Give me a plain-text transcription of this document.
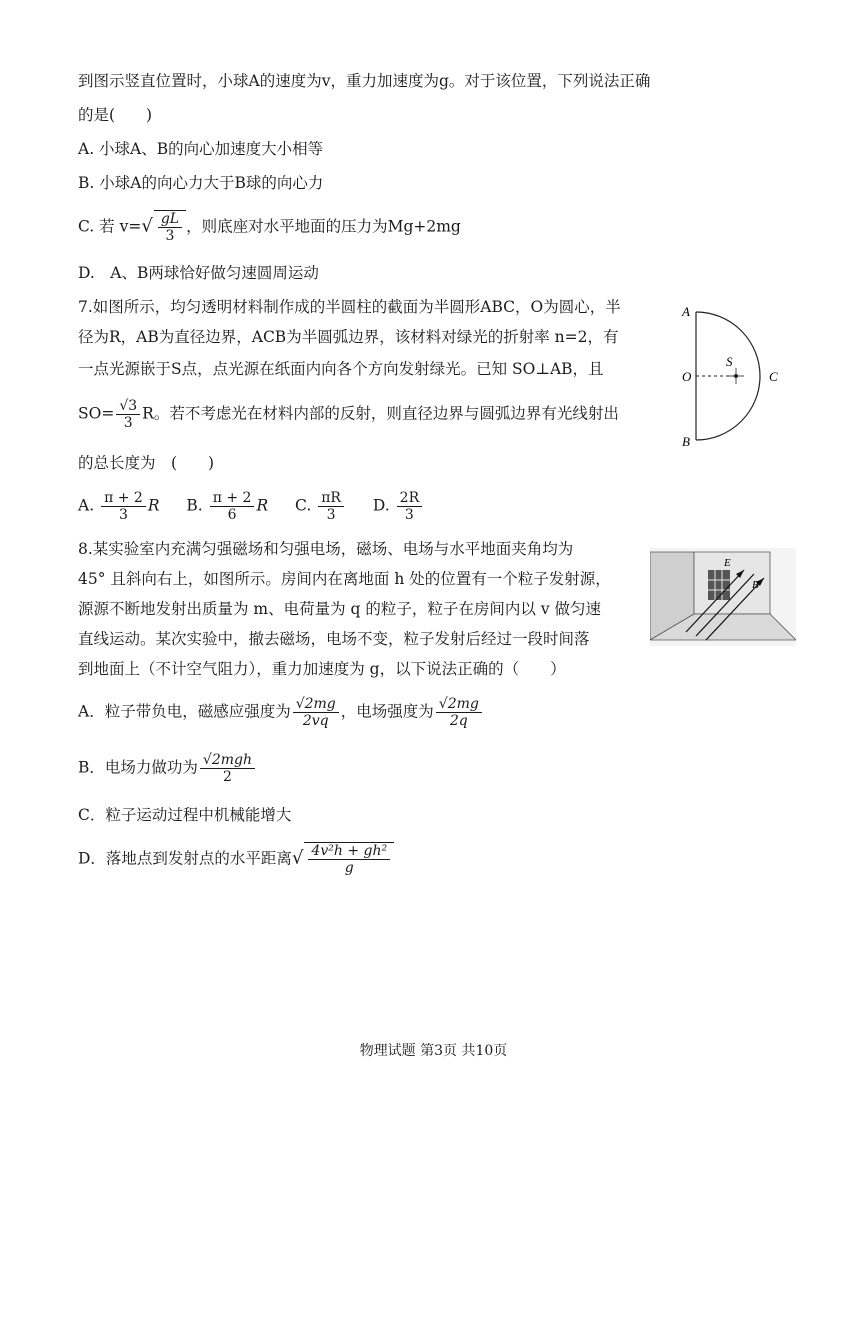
到图示竖直位置时，小球A的速度为v，重力加速度为g。对于该位置，下列说法正确
的是(　　)
A. 小球A、B的向心加速度大小相等
B. 小球A的向心力大于B球的向心力
C. 若 $v=√ \frac{gL}{3}$ ，则底座对水平地面的压力为Mg+2mg
D.　A、B两球恰好做匀速圆周运动
7.如图所示，均匀透明材料制作成的半圆柱的截面为半圆形ABC，O为圆心，半
径为R，AB为直径边界，ACB为半圆弧边界，该材料对绿光的折射率 n=2，有
一点光源嵌于S点，点光源在纸面内向各个方向发射绿光。已知 SO⊥AB，且
$SO= \frac{√3}{3}$ R。若不考虑光在材料内部的反射，则直径边界与圆弧边界有光线射出
的总长度为　(　　)
A. $\frac{\pi + 2}{3}$ R B. $\frac{\pi + 2}{6}$ R C. $\frac{\pi R}{3} D$. $\frac{2R}{3}$
A
B
O	C
S
8.某实验室内充满匀强磁场和匀强电场，磁场、电场与水平地面夹角均为
45° 且斜向右上，如图所示。房间内在离地面 h 处的位置有一个粒子发射源，
源源不断地发射出质量为 m、电荷量为 q 的粒子，粒子在房间内以 v 做匀速
直线运动。某次实验中，撤去磁场，电场不变，粒子发射后经过一段时间落
到地面上（不计空气阻力），重力加速度为 g，以下说法正确的（　　）
A．粒子带负电，磁感应强度为 $\frac{√2mg}{2vq}$ ，电场强度为 $\frac{√2mg}{2q}$
B．电场力做功为 $\frac{\text{√2mgh}}{2}$
C．粒子运动过程中机械能增大
D．落地点到发射点的水平距离√ $\frac{\text{4v²h + gh²}}{g}$
E
B
物理试题 第3页 共10页
